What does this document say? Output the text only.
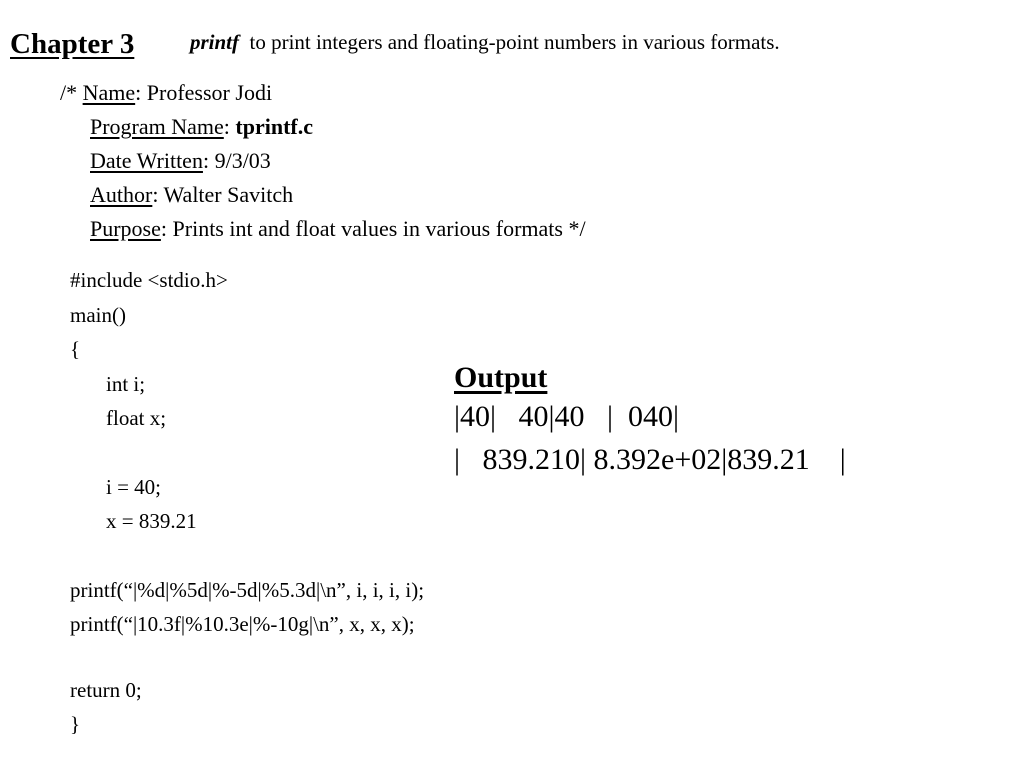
Chapter 3	printf  to print integers and floating-point numbers in various formats.
/* Name: Professor Jodi
Program Name: tprintf.c
Date Written: 9/3/03
Author: Walter Savitch
Purpose: Prints int and float values in various formats */
#include <stdio.h>
main()
{
int i;
float x;
i = 40;
x = 839.21
printf(“|%d|%5d|%-5d|%5.3d|\n”, i, i, i, i);
printf(“|10.3f|%10.3e|%-10g|\n”, x, x, x);
return 0;
}
Output
|40|   40|40   |  040|
|   839.210| 8.392e+02|839.21    |
